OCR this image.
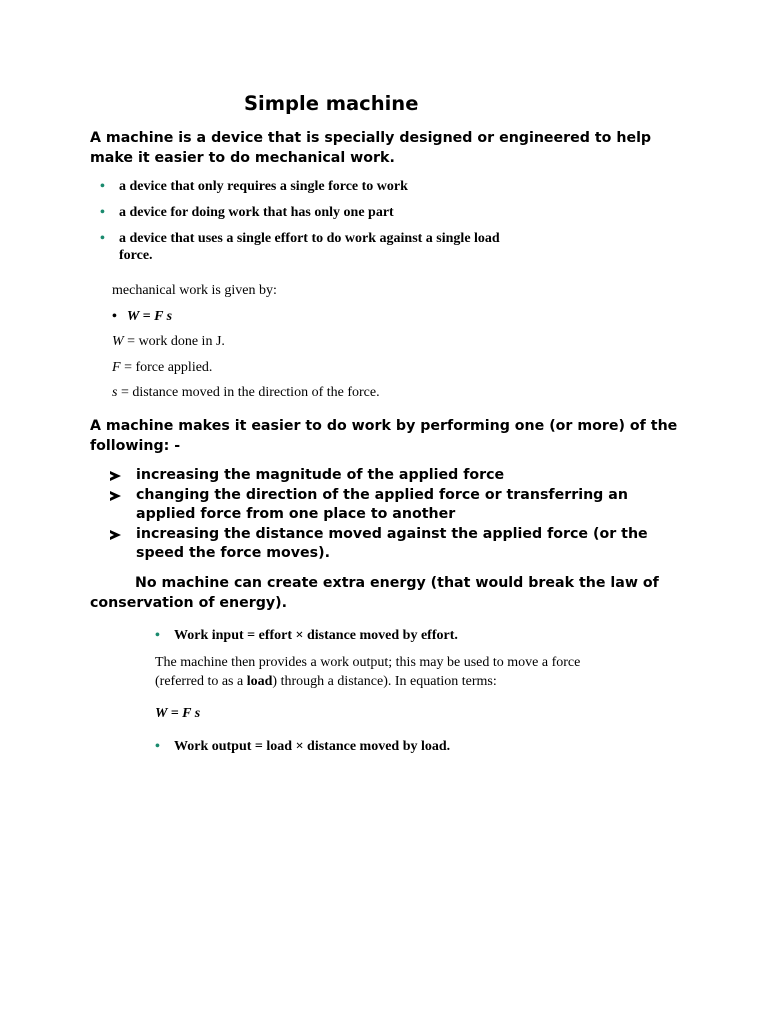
Simple machine

A machine is a device that is specially designed or engineered to help make it easier to do mechanical work.

• a device that only requires a single force to work
• a device for doing work that has only one part
• a device that uses a single effort to do work against a single load force.
mechanical work is given by:
• W = F s
W = work done in J.
F = force applied.
s = distance moved in the direction of the force.

A machine makes it easier to do work by performing one (or more) of the following: -

increasing the magnitude of the applied force
changing the direction of the applied force or transferring an applied force from one place to another
increasing the distance moved against the applied force (or the speed the force moves).

No machine can create extra energy (that would break the law of conservation of energy).

• Work input = effort × distance moved by effort.
The machine then provides a work output; this may be used to move a force (referred to as a load) through a distance). In equation terms:
W = F s
• Work output = load × distance moved by load.
